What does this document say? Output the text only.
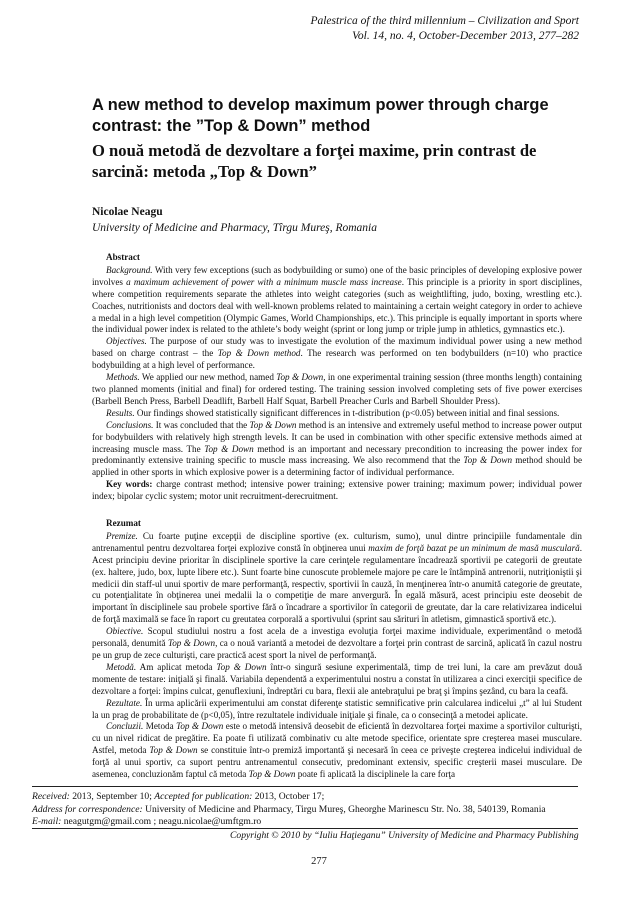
Palestrica of the third millennium – Civilization and Sport
Vol. 14, no. 4, October-December 2013, 277–282
A new method to develop maximum power through charge contrast: the ”Top & Down” method
O nouă metodă de dezvoltare a forţei maxime, prin contrast de sarcină: metoda „Top & Down”
Nicolae Neagu
University of Medicine and Pharmacy, Tîrgu Mureş, Romania
Abstract

Background. With very few exceptions (such as bodybuilding or sumo) one of the basic principles of developing explosive power involves a maximum achievement of power with a minimum muscle mass increase. This principle is a priority in sport disciplines, where competition requirements separate the athletes into weight categories (such as weightlifting, judo, boxing, wrestling etc.). Coaches, nutritionists and doctors deal with well-known problems related to maintaining a certain weight category in order to achieve a medal in a high level competition (Olympic Games, World Championships, etc.). This principle is equally important in sports where the individual power index is related to the athlete’s body weight (sprint or long jump or triple jump in athletics, gymnastics etc.).

Objectives. The purpose of our study was to investigate the evolution of the maximum individual power using a new method based on charge contrast – the Top & Down method. The research was performed on ten bodybuilders (n=10) who practice bodybuilding at a high level of performance.

Methods. We applied our new method, named Top & Down, in one experimental training session (three months length) containing two planned moments (initial and final) for ordered testing. The training session involved completing sets of five power exercises (Barbell Bench Press, Barbell Deadlift, Barbell Half Squat, Barbell Preacher Curls and Barbell Shoulder Press).

Results. Our findings showed statistically significant differences in t-distribution (p<0.05) between initial and final sessions.

Conclusions. It was concluded that the Top & Down method is an intensive and extremely useful method to increase power output for bodybuilders with relatively high strength levels. It can be used in combination with other specific extensive methods aimed at increasing muscle mass. The Top & Down method is an important and necessary precondition to increasing the power index for predominantly extensive training specific to muscle mass increasing. We also recommend that the Top & Down method should be applied in other sports in which explosive power is a determining factor of individual performance.

Key words: charge contrast method; intensive power training; extensive power training; maximum power; individual power index; bipolar cyclic system; motor unit recruitment-derecruitment.

Rezumat

Premize. Cu foarte puţine excepţii de discipline sportive (ex. culturism, sumo), unul dintre principiile fundamentale din antrenamentul pentru dezvoltarea forţei explozive constă în obţinerea unui maxim de forţă bazat pe un minimum de masă musculară. Acest principiu devine prioritar în disciplinele sportive la care cerinţele regulamentare încadrează sportivii pe categorii de greutate (ex. haltere, judo, box, lupte libere etc.). Sunt foarte bine cunoscute problemele majore pe care le întâmpină antrenorii, nutriţioniştii şi medicii din staff-ul unui sportiv de mare performanţă, respectiv, sportivii în cauză, în menţinerea într-o anumită categorie de greutate, cu potenţialitate în obţinerea unei medalii la o competiţie de mare anvergură. În egală măsură, acest principiu este deosebit de important în disciplinele sau probele sportive fără o încadrare a sportivilor în categorii de greutate, dar la care relativizarea indicelui de forţă maximală se face în raport cu greutatea corporală a sportivului (sprint sau sărituri în atletism, gimnastică sportivă etc.).

Obiective. Scopul studiului nostru a fost acela de a investiga evoluţia forţei maxime individuale, experimentând o metodă personală, denumită Top & Down, ca o nouă variantă a metodei de dezvoltare a forţei prin contrast de sarcină, aplicată în cazul nostru pe un grup de zece culturişti, care practică acest sport la nivel de performanţă.

Metodă. Am aplicat metoda Top & Down într-o singură sesiune experimentală, timp de trei luni, la care am prevăzut două momente de testare: iniţială şi finală. Variabila dependentă a experimentului nostru a constat în utilizarea a cinci exerciţii specifice de dezvoltare a forţei: împins culcat, genuflexiuni, îndreptări cu bara, flexii ale antebraţului pe braţ şi împins şezând, cu bara la ceafă.

Rezultate. În urma aplicării experimentului am constat diferenţe statistic semnificative prin calcularea indicelui „t” al lui Student la un prag de probabilitate de (p<0,05), între rezultatele individuale iniţiale şi finale, ca o consecinţă a metodei aplicate.

Concluzii. Metoda Top & Down este o metodă intensivă deosebit de eficientă în dezvoltarea forţei maxime a sportivilor culturişti, cu un nivel ridicat de pregătire. Ea poate fi utilizată combinativ cu alte metode specifice, orientate spre creşterea masei musculare. Astfel, metoda Top & Down se constituie într-o premiză importantă şi necesară în ceea ce priveşte creşterea indicelui individual de forţă al unui sportiv, ca suport pentru antrenamentul consecutiv, predominant extensiv, specific creşterii masei musculare. De asemenea, concluzionăm faptul că metoda Top & Down poate fi aplicată la disciplinele la care forţa

Received: 2013, September 10; Accepted for publication: 2013, October 17;

Address for correspondence: University of Medicine and Pharmacy, Tirgu Mureş, Gheorghe Marinescu Str. No. 38, 540139, Romania

E-mail: neagutgm@gmail.com ; neagu.nicolae@umftgm.ro

Copyright © 2010 by “Iuliu Haţieganu” University of Medicine and Pharmacy Publishing
277
